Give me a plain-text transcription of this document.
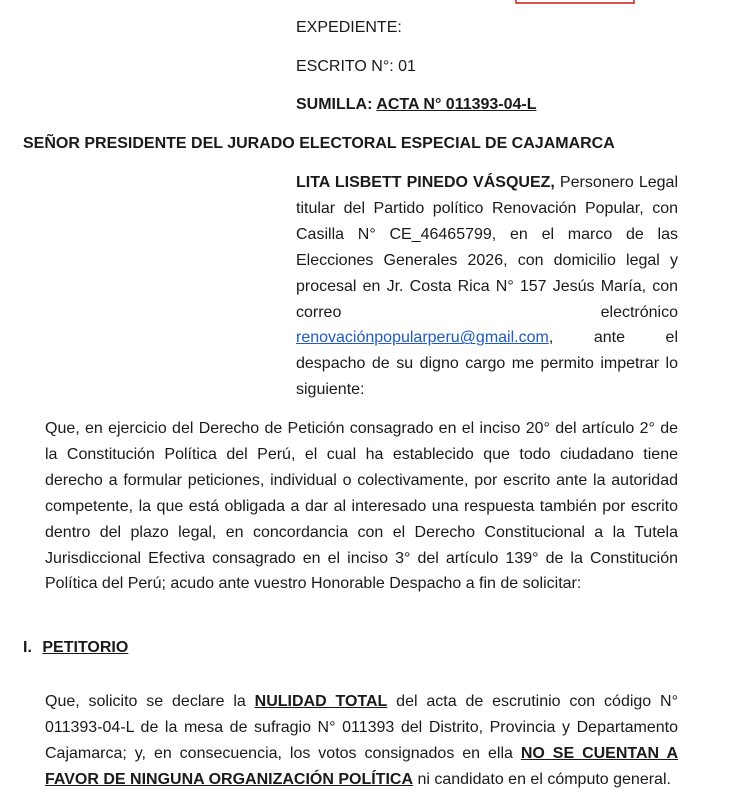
EXPEDIENTE:
ESCRITO N°: 01
SUMILLA: ACTA N° 011393-04-L
SEÑOR PRESIDENTE DEL JURADO ELECTORAL ESPECIAL DE CAJAMARCA
LITA LISBETT PINEDO VÁSQUEZ, Personero Legal titular del Partido político Renovación Popular, con Casilla N° CE_46465799, en el marco de las Elecciones Generales 2026, con domicilio legal y procesal en Jr. Costa Rica N° 157 Jesús María, con correo electrónico renovaciónpopularperu@gmail.com, ante el despacho de su digno cargo me permito impetrar lo siguiente:
Que, en ejercicio del Derecho de Petición consagrado en el inciso 20° del artículo 2° de la Constitución Política del Perú, el cual ha establecido que todo ciudadano tiene derecho a formular peticiones, individual o colectivamente, por escrito ante la autoridad competente, la que está obligada a dar al interesado una respuesta también por escrito dentro del plazo legal, en concordancia con el Derecho Constitucional a la Tutela Jurisdiccional Efectiva consagrado en el inciso 3° del artículo 139° de la Constitución Política del Perú; acudo ante vuestro Honorable Despacho a fin de solicitar:
I. PETITORIO
Que, solicito se declare la NULIDAD TOTAL del acta de escrutinio con código N° 011393-04-L de la mesa de sufragio N° 011393 del Distrito, Provincia y Departamento Cajamarca; y, en consecuencia, los votos consignados en ella NO SE CUENTAN A FAVOR DE NINGUNA ORGANIZACIÓN POLÍTICA ni candidato en el cómputo general.
